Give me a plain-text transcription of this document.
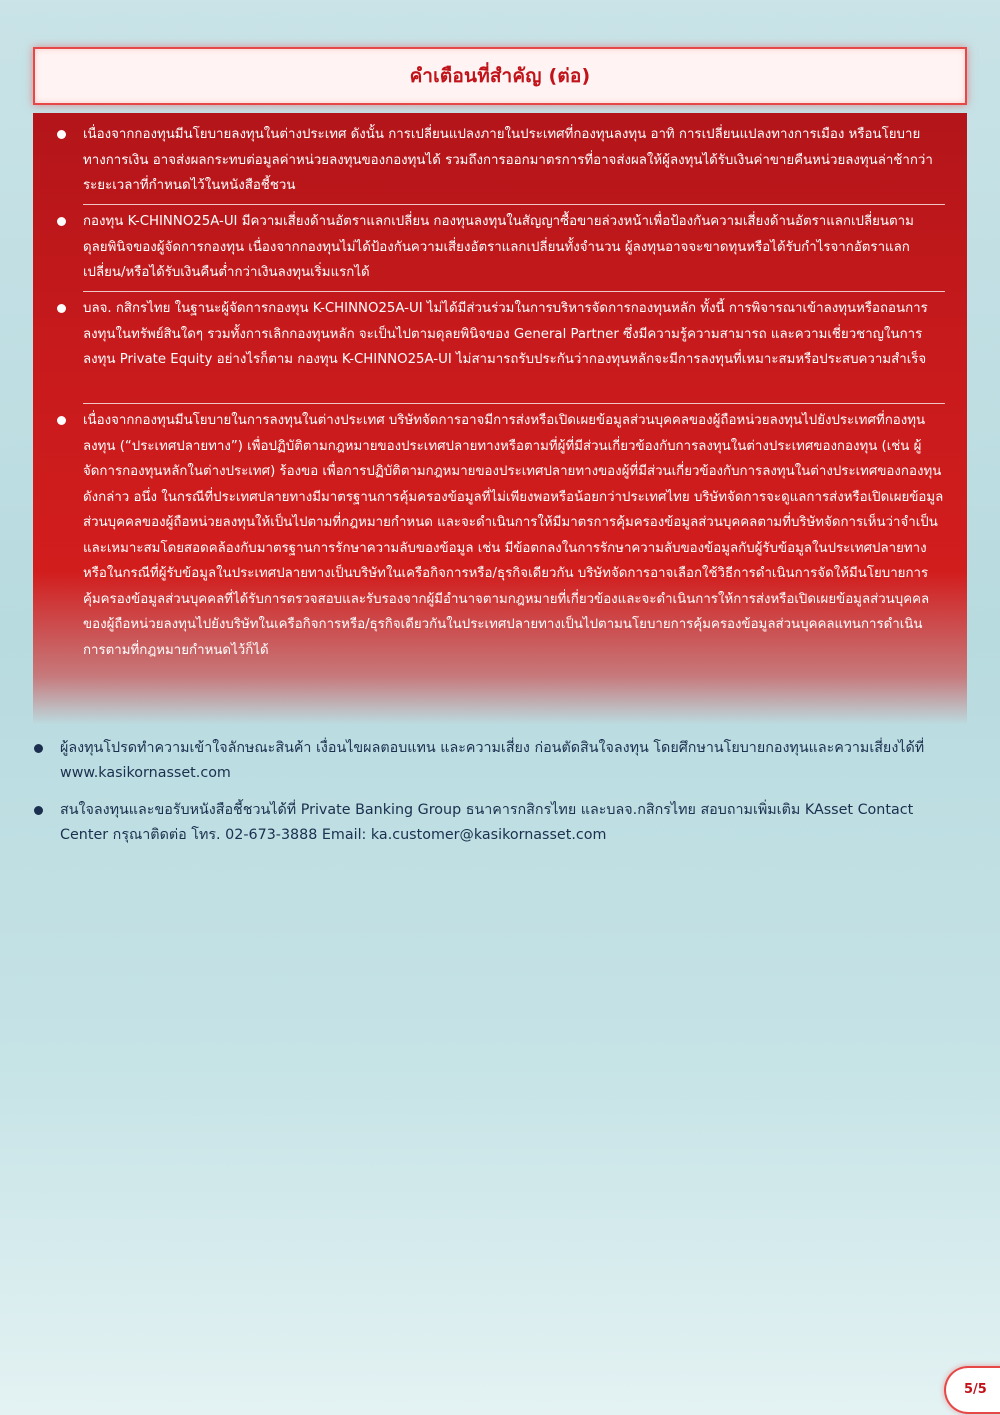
คำเตือนที่สำคัญ (ต่อ)
เนื่องจากกองทุนมีนโยบายลงทุนในต่างประเทศ ดังนั้น การเปลี่ยนแปลงภายในประเทศที่กองทุนลงทุน อาทิ การเปลี่ยนแปลงทางการเมือง หรือนโยบายทางการเงิน อาจส่งผลกระทบต่อมูลค่าหน่วยลงทุนของกองทุนได้ รวมถึงการออกมาตรการที่อาจส่งผลให้ผู้ลงทุนได้รับเงินค่าขายคืนหน่วยลงทุนล่าช้ากว่าระยะเวลาที่กำหนดไว้ในหนังสือชี้ชวน
กองทุน K-CHINNO25A-UI มีความเสี่ยงด้านอัตราแลกเปลี่ยน กองทุนลงทุนในสัญญาซื้อขายล่วงหน้าเพื่อป้องกันความเสี่ยงด้านอัตราแลกเปลี่ยนตามดุลยพินิจของผู้จัดการกองทุน เนื่องจากกองทุนไม่ได้ป้องกันความเสี่ยงอัตราแลกเปลี่ยนทั้งจำนวน ผู้ลงทุนอาจจะขาดทุนหรือได้รับกำไรจากอัตราแลกเปลี่ยน/หรือได้รับเงินคืนต่ำกว่าเงินลงทุนเริ่มแรกได้
บลจ. กสิกรไทย ในฐานะผู้จัดการกองทุน K-CHINNO25A-UI ไม่ได้มีส่วนร่วมในการบริหารจัดการกองทุนหลัก ทั้งนี้ การพิจารณาเข้าลงทุนหรือถอนการลงทุนในทรัพย์สินใดๆ รวมทั้งการเลิกกองทุนหลัก จะเป็นไปตามดุลยพินิจของ General Partner ซึ่งมีความรู้ความสามารถ และความเชี่ยวชาญในการลงทุน Private Equity อย่างไรก็ตาม กองทุน K-CHINNO25A-UI ไม่สามารถรับประกันว่ากองทุนหลักจะมีการลงทุนที่เหมาะสมหรือประสบความสำเร็จ
เนื่องจากกองทุนมีนโยบายในการลงทุนในต่างประเทศ บริษัทจัดการอาจมีการส่งหรือเปิดเผยข้อมูลส่วนบุคคลของผู้ถือหน่วยลงทุนไปยังประเทศที่กองทุนลงทุน (“ประเทศปลายทาง”) เพื่อปฏิบัติตามกฎหมายของประเทศปลายทางหรือตามที่ผู้ที่มีส่วนเกี่ยวข้องกับการลงทุนในต่างประเทศของกองทุน (เช่น ผู้จัดการกองทุนหลักในต่างประเทศ) ร้องขอ เพื่อการปฏิบัติตามกฎหมายของประเทศปลายทางของผู้ที่มีส่วนเกี่ยวข้องกับการลงทุนในต่างประเทศของกองทุนดังกล่าว อนึ่ง ในกรณีที่ประเทศปลายทางมีมาตรฐานการคุ้มครองข้อมูลที่ไม่เพียงพอหรือน้อยกว่าประเทศไทย บริษัทจัดการจะดูแลการส่งหรือเปิดเผยข้อมูลส่วนบุคคลของผู้ถือหน่วยลงทุนให้เป็นไปตามที่กฎหมายกำหนด และจะดำเนินการให้มีมาตรการคุ้มครองข้อมูลส่วนบุคคลตามที่บริษัทจัดการเห็นว่าจำเป็นและเหมาะสมโดยสอดคล้องกับมาตรฐานการรักษาความลับของข้อมูล เช่น มีข้อตกลงในการรักษาความลับของข้อมูลกับผู้รับข้อมูลในประเทศปลายทาง หรือในกรณีที่ผู้รับข้อมูลในประเทศปลายทางเป็นบริษัทในเครือกิจการหรือ/ธุรกิจเดียวกัน บริษัทจัดการอาจเลือกใช้วิธีการดำเนินการจัดให้มีนโยบายการคุ้มครองข้อมูลส่วนบุคคลที่ได้รับการตรวจสอบและรับรองจากผู้มีอำนาจตามกฎหมายที่เกี่ยวข้องและจะดำเนินการให้การส่งหรือเปิดเผยข้อมูลส่วนบุคคลของผู้ถือหน่วยลงทุนไปยังบริษัทในเครือกิจการหรือ/ธุรกิจเดียวกันในประเทศปลายทางเป็นไปตามนโยบายการคุ้มครองข้อมูลส่วนบุคคลแทนการดำเนินการตามที่กฎหมายกำหนดไว้ก็ได้
ผู้ลงทุนโปรดทำความเข้าใจลักษณะสินค้า เงื่อนไขผลตอบแทน และความเสี่ยง ก่อนตัดสินใจลงทุน โดยศึกษานโยบายกองทุนและความเสี่ยงได้ที่ www.kasikornasset.com
สนใจลงทุนและขอรับหนังสือชี้ชวนได้ที่ Private Banking Group ธนาคารกสิกรไทย และบลจ.กสิกรไทย สอบถามเพิ่มเติม KAsset Contact Center กรุณาติดต่อ โทร. 02-673-3888 Email: ka.customer@kasikornasset.com
5/5
